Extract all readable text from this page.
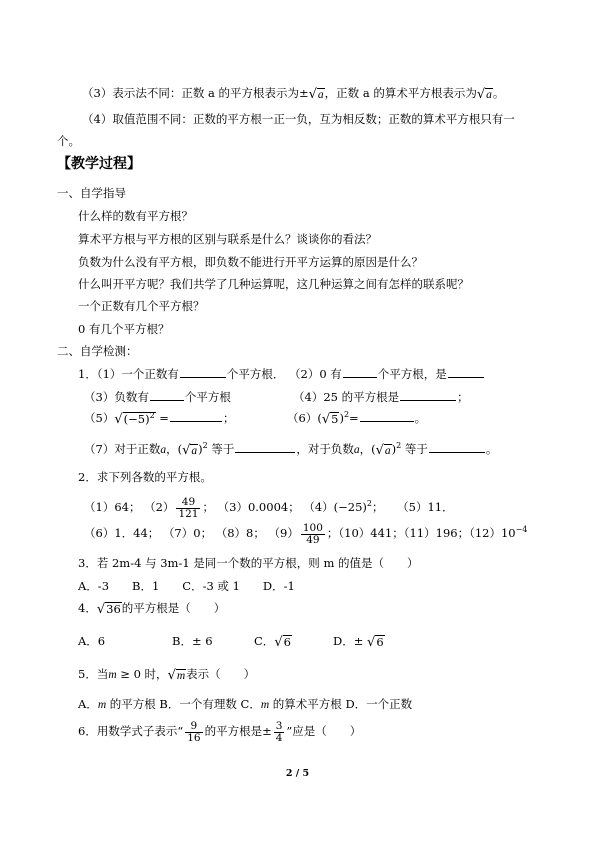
（3）表示法不同：正数 a 的平方根表示为±√a，正数 a 的算术平方根表示为√a。
（4）取值范围不同：正数的平方根一正一负，互为相反数；正数的算术平方根只有一
个。
【教学过程】
一、自学指导
什么样的数有平方根？
算术平方根与平方根的区别与联系是什么？谈谈你的看法？
负数为什么没有平方根，即负数不能进行开平方运算的原因是什么？
什么叫开平方呢？我们共学了几种运算呢，这几种运算之间有怎样的联系呢？
一个正数有几个平方根？
0 有几个平方根？
二、自学检测：
1．（1）一个正数有	个平方根． （2）0 有	个平方根，是
（3）负数有	个平方根	（4）25 的平方根是	；
$(5)√(-5)^2$ =	；	$(6)(√5)^2=$	。
（7）对于正数a，$(√a)^2$ 等于	，对于负数a，$(√a)^2$ 等于	。
2．求下列各数的平方根。
（1）64； $(2) \frac{49}{121}$ ； （3）0.0004； $(4)(-25)^2$； （5）11．
（6）1．44； （7）0； （8）8； $(9) \frac{100}{49}$ ；（10）441；（11）196；$(12)10^{-4}$
3．若 2m-4 与 3m-1 是同一个数的平方根，则 m 的值是（　　）
A．-3　　B．1　　C．-3 或 1　　D．-1
4．√36的平方根是（　　）
A．6	B．± 6	C．√6	D．± √6
5．当m ≥ 0 时，√m表示（　　）
A．m 的平方根 B．一个有理数 C．m 的算术平方根 D．一个正数
6．用数学式子表示“ $\frac{9}{16}$ 的平方根是± $\frac{3}{4}$ ”应是（　　）
2 / 5
